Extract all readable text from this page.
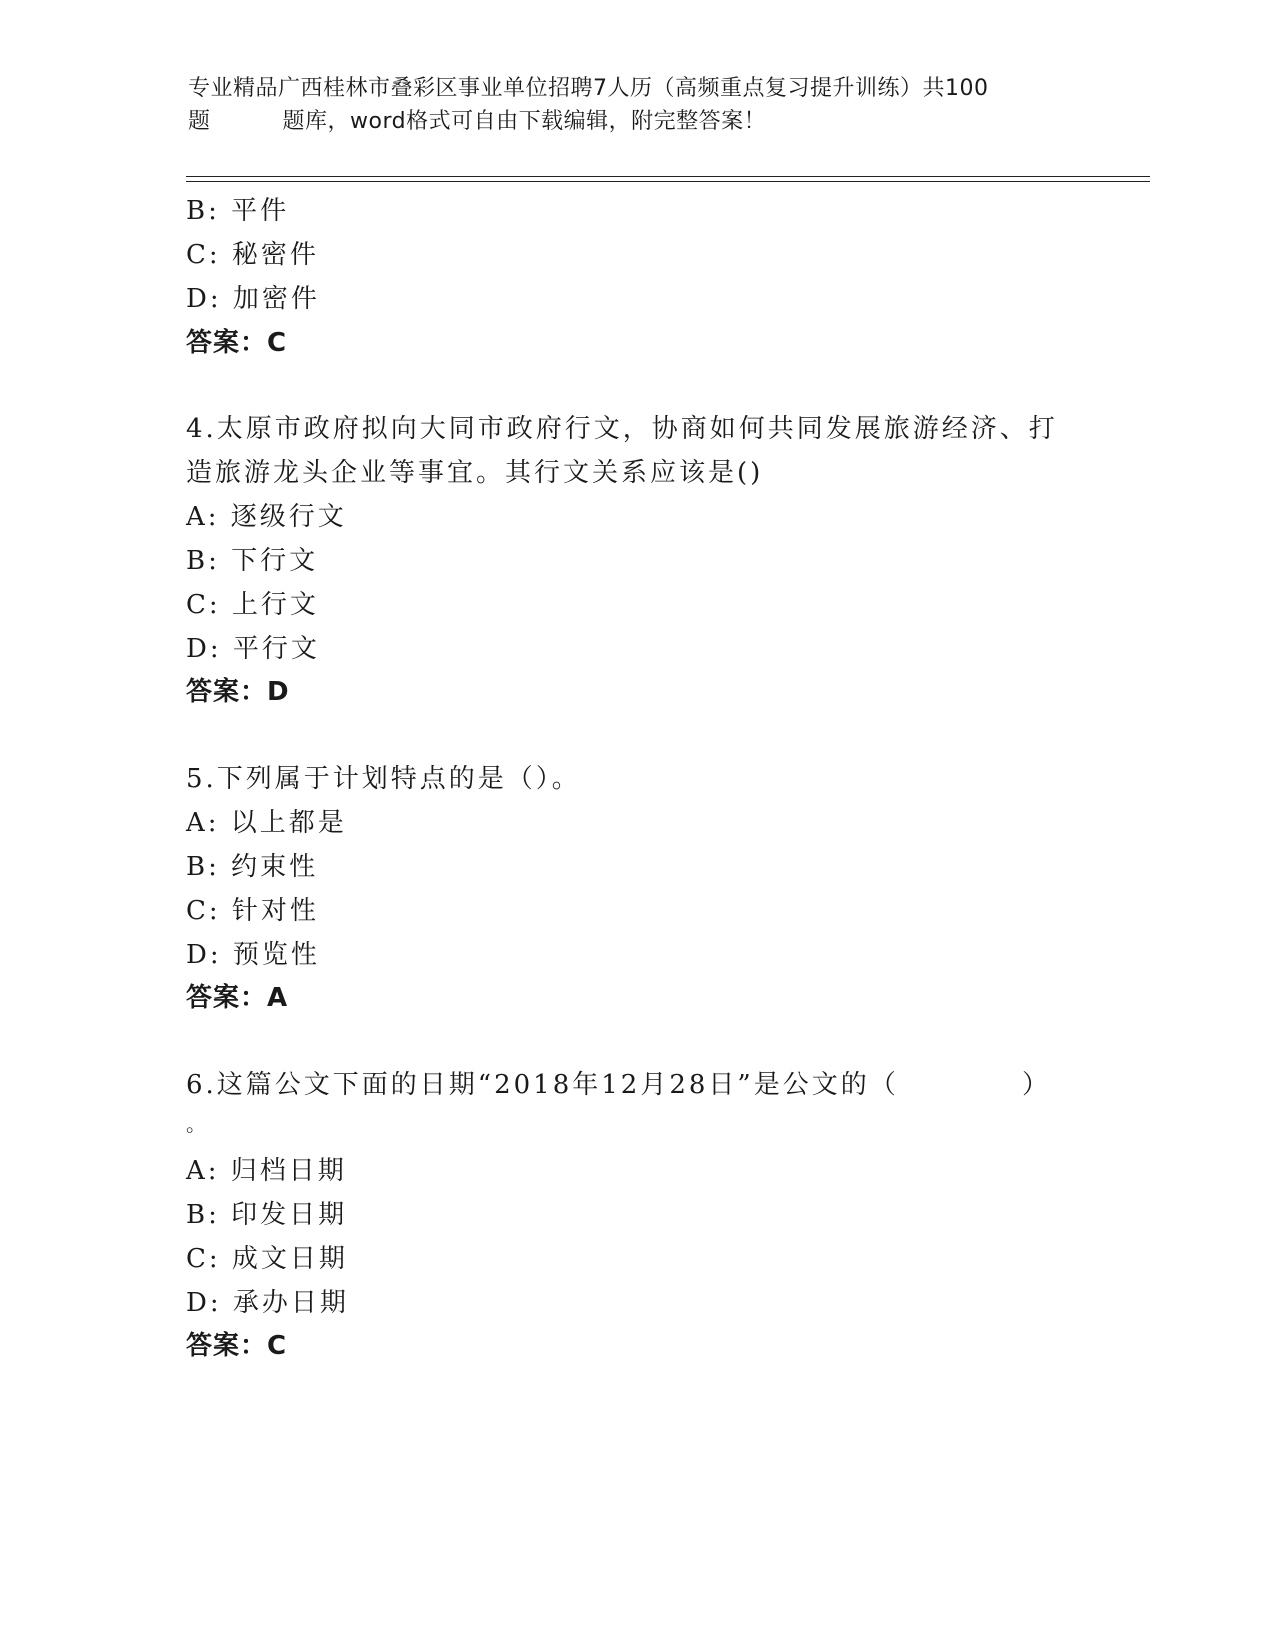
专业精品广西桂林市叠彩区事业单位招聘7人历（高频重点复习提升训练）共100
题	题库，word格式可自由下载编辑，附完整答案！
B: 平件
C: 秘密件
D: 加密件
答案：C
4.太原市政府拟向大同市政府行文，协商如何共同发展旅游经济、打
造旅游龙头企业等事宜。其行文关系应该是()
A: 逐级行文
B: 下行文
C: 上行文
D: 平行文
答案：D
5.下列属于计划特点的是（）。
A: 以上都是
B: 约束性
C: 针对性
D: 预览性
答案：A
6.这篇公文下面的日期“2018年12月28日”是公文的（	）
。
A: 归档日期
B: 印发日期
C: 成文日期
D: 承办日期
答案：C
